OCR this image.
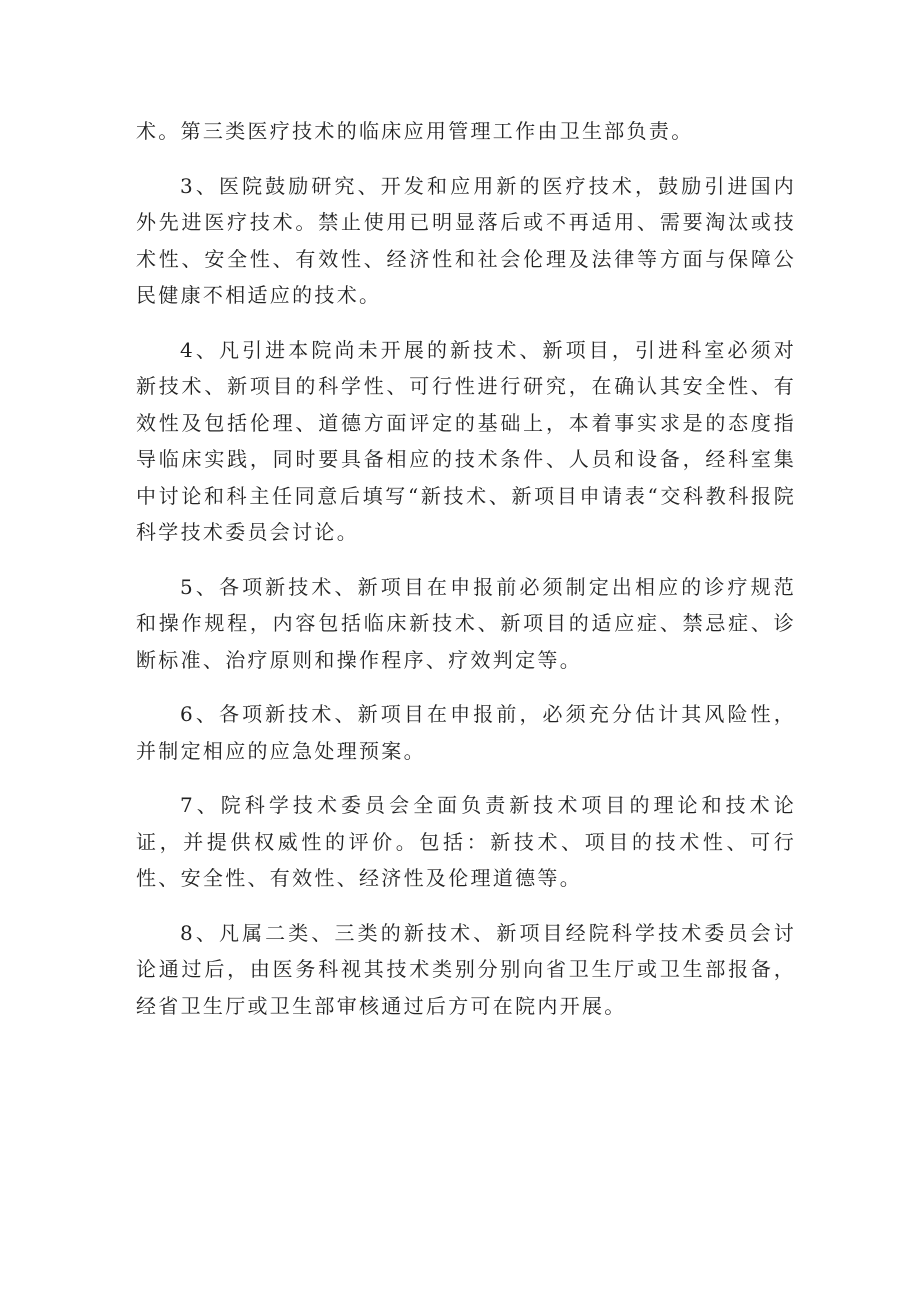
术。第三类医疗技术的临床应用管理工作由卫生部负责。

3、医院鼓励研究、开发和应用新的医疗技术，鼓励引进国内外先进医疗技术。禁止使用已明显落后或不再适用、需要淘汰或技术性、安全性、有效性、经济性和社会伦理及法律等方面与保障公民健康不相适应的技术。

4、凡引进本院尚未开展的新技术、新项目，引进科室必须对新技术、新项目的科学性、可行性进行研究，在确认其安全性、有效性及包括伦理、道德方面评定的基础上，本着事实求是的态度指导临床实践，同时要具备相应的技术条件、人员和设备，经科室集中讨论和科主任同意后填写“新技术、新项目申请表“交科教科报院科学技术委员会讨论。

5、各项新技术、新项目在申报前必须制定出相应的诊疗规范和操作规程，内容包括临床新技术、新项目的适应症、禁忌症、诊断标准、治疗原则和操作程序、疗效判定等。

6、各项新技术、新项目在申报前，必须充分估计其风险性，并制定相应的应急处理预案。

7、院科学技术委员会全面负责新技术项目的理论和技术论证，并提供权威性的评价。包括：新技术、项目的技术性、可行性、安全性、有效性、经济性及伦理道德等。

8、凡属二类、三类的新技术、新项目经院科学技术委员会讨论通过后，由医务科视其技术类别分别向省卫生厅或卫生部报备，经省卫生厅或卫生部审核通过后方可在院内开展。
